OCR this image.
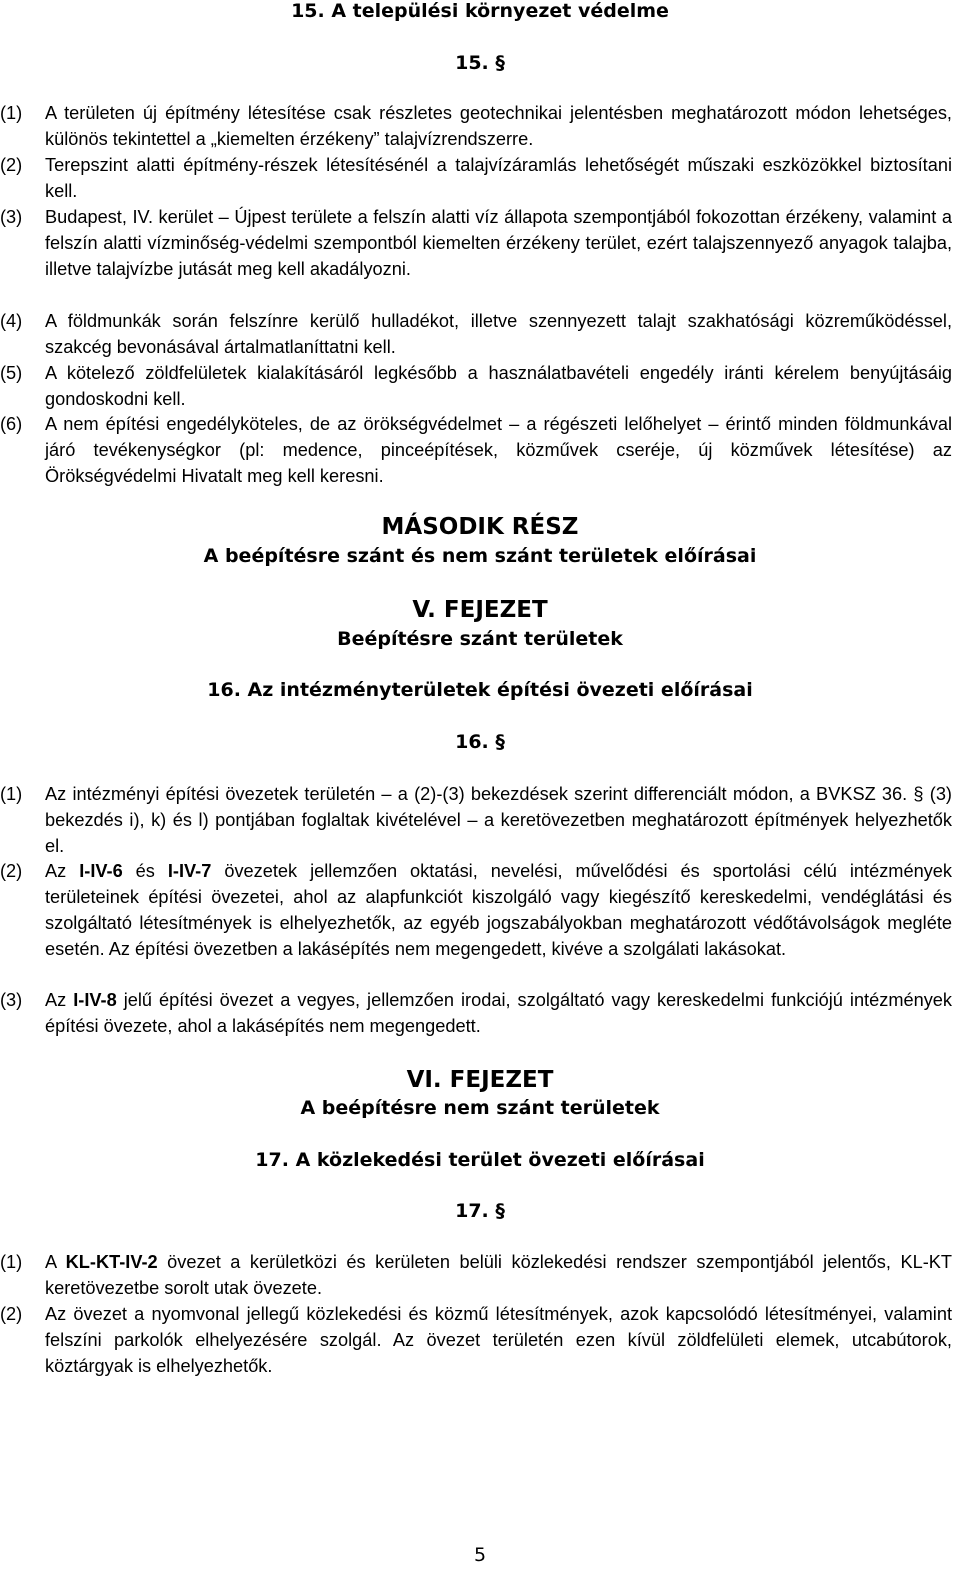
15. A települési környezet védelme
15. §
(1) A területen új építmény létesítése csak részletes geotechnikai jelentésben meghatározott módon lehetséges, különös tekintettel a „kiemelten érzékeny” talajvízrendszerre.
(2) Terepszint alatti építmény-részek létesítésénél a talajvízáramlás lehetőségét műszaki eszközökkel biztosítani kell.
(3) Budapest, IV. kerület – Újpest területe a felszín alatti víz állapota szempontjából fokozottan érzékeny, valamint a felszín alatti vízminőség-védelmi szempontból kiemelten érzékeny terület, ezért talajszennyező anyagok talajba, illetve talajvízbe jutását meg kell akadályozni.
(4) A földmunkák során felszínre kerülő hulladékot, illetve szennyezett talajt szakhatósági közreműködéssel, szakcég bevonásával ártalmatlaníttatni kell.
(5) A kötelező zöldfelületek kialakításáról legkésőbb a használatbavételi engedély iránti kérelem benyújtásáig gondoskodni kell.
(6) A nem építési engedélyköteles, de az örökségvédelmet – a régészeti lelőhelyet – érintő minden földmunkával járó tevékenységkor (pl: medence, pinceépítések, közművek cseréje, új közművek létesítése) az Örökségvédelmi Hivatalt meg kell keresni.
MÁSODIK RÉSZ
A beépítésre szánt és nem szánt területek előírásai
V. FEJEZET
Beépítésre szánt területek
16. Az intézményterületek építési övezeti előírásai
16. §
(1) Az intézményi építési övezetek területén – a (2)-(3) bekezdések szerint differenciált módon, a BVKSZ 36. § (3) bekezdés i), k) és l) pontjában foglaltak kivételével – a keretövezetben meghatározott építmények helyezhetők el.
(2) Az I-IV-6 és I-IV-7 övezetek jellemzően oktatási, nevelési, művelődési és sportolási célú intézmények területeinek építési övezetei, ahol az alapfunkciót kiszolgáló vagy kiegészítő kereskedelmi, vendéglátási és szolgáltató létesítmények is elhelyezhetők, az egyéb jogszabályokban meghatározott védőtávolságok megléte esetén. Az építési övezetben a lakásépítés nem megengedett, kivéve a szolgálati lakásokat.
(3) Az I-IV-8 jelű építési övezet a vegyes, jellemzően irodai, szolgáltató vagy kereskedelmi funkciójú intézmények építési övezete, ahol a lakásépítés nem megengedett.
VI. FEJEZET
A beépítésre nem szánt területek
17. A közlekedési terület övezeti előírásai
17. §
(1) A KL-KT-IV-2 övezet a kerületközi és kerületen belüli közlekedési rendszer szempontjából jelentős, KL-KT keretövezetbe sorolt utak övezete.
(2) Az övezet a nyomvonal jellegű közlekedési és közmű létesítmények, azok kapcsolódó létesítményei, valamint felszíni parkolók elhelyezésére szolgál. Az övezet területén ezen kívül zöldfelületi elemek, utcabútorok, köztárgyak is elhelyezhetők.
5
